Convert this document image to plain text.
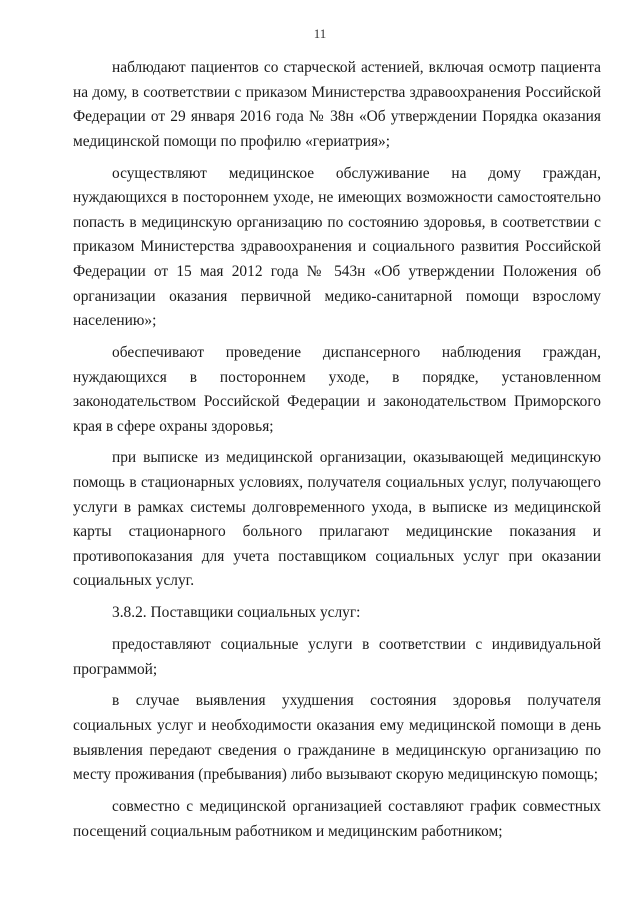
11

наблюдают пациентов со старческой астенией, включая осмотр пациента на дому, в соответствии с приказом Министерства здравоохранения Российской Федерации от 29 января 2016 года № 38н «Об утверждении Порядка оказания медицинской помощи по профилю «гериатрия»;

осуществляют медицинское обслуживание на дому граждан, нуждающихся в постороннем уходе, не имеющих возможности самостоятельно попасть в медицинскую организацию по состоянию здоровья, в соответствии с приказом Министерства здравоохранения и социального развития Российской Федерации от 15 мая 2012 года № 543н «Об утверждении Положения об организации оказания первичной медико-санитарной помощи взрослому населению»;

обеспечивают проведение диспансерного наблюдения граждан, нуждающихся в постороннем уходе, в порядке, установленном законодательством Российской Федерации и законодательством Приморского края в сфере охраны здоровья;

при выписке из медицинской организации, оказывающей медицинскую помощь в стационарных условиях, получателя социальных услуг, получающего услуги в рамках системы долговременного ухода, в выписке из медицинской карты стационарного больного прилагают медицинские показания и противопоказания для учета поставщиком социальных услуг при оказании социальных услуг.

3.8.2. Поставщики социальных услуг:

предоставляют социальные услуги в соответствии с индивидуальной программой;

в случае выявления ухудшения состояния здоровья получателя социальных услуг и необходимости оказания ему медицинской помощи в день выявления передают сведения о гражданине в медицинскую организацию по месту проживания (пребывания) либо вызывают скорую медицинскую помощь;

совместно с медицинской организацией составляют график совместных посещений социальным работником и медицинским работником;
